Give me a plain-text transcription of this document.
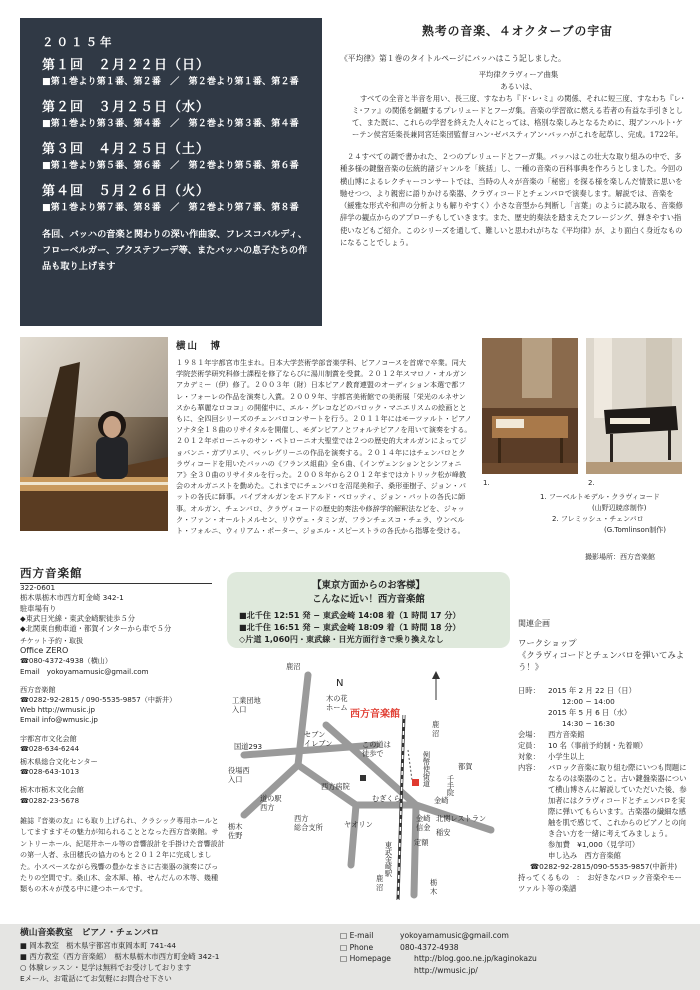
２０１５年
第１回　２月２２日（日）
■第１巻より第１番、第２番　／　第２巻より第１番、第２番
第２回　３月２５日（水）
■第１巻より第３番、第４番　／　第２巻より第３番、第４番
第３回　４月２５日（土）
■第１巻より第５番、第６番　／　第２巻より第５番、第６番
第４回　５月２６日（火）
■第１巻より第７番、第８番　／　第２巻より第７番、第８番
各回、バッハの音楽と関わりの深い作曲家、フレスコバルディ、フローベルガー、ブクステフーデ等、またバッハの息子たちの作品も取り上げます
熟考の音楽、４オクターブの宇宙
《平均律》第１巻のタイトルページにバッハはこう記しました。
平均律クラヴィーア曲集
あるいは、
すべての全音と半音を用い、長三度、すなわち『ド･レ･ミ』の関係、それに短三度、すなわち『レ･ミ･ファ』の関係を網羅するプレリュードとフーガ集。音楽の学習欲に燃える若者の有益な手引きとして、また既に、これらの学習を終えた人々にとっては、格別な楽しみとなるために、現アンハルト･ケーテン侯宮廷楽長兼同宮廷楽団監督ヨハン･ゼバスティアン･バッハがこれを起草し、完成。1722年。
２４すべての調で書かれた、２つのプレリュードとフーガ集。バッハはこの壮大な取り組みの中で、多種多様の鍵盤音楽の伝統的諸ジャンルを「統括」し、一種の音楽の百科事典を作ろうとしました。今回の横山博によるレクチャーコンサートでは、当時の人々が音楽の「秘密」を探る様を楽しんだ情景に思いを馳せつつ、より親密に語りかける楽器、クラヴィコードとチェンバロで演奏します。解説では、音楽を（緩雅な形式や和声の分析よりも解りやすく）小さな音型から判断し「言葉」のように読み取る、音楽修辞学の観点からのアプローチもしていきます。また、歴史的奏法を踏まえたフレージング、弾きやすい指使いなどもご紹介。このシリーズを通して、難しいと思われがちな《平均律》が、より面白く身近なものになることでしょう。
横山　博
１９８１年宇都宮市生まれ。日本大学芸術学部音楽学科、ピアノコースを首席で卒業。同大学院芸術学研究科修士課程を修了ならびに湯川制賞を受賞。２０１２年スマロノ・オルガンアカデミー（伊）修了。２００３年（財）日本ピアノ教育連盟のオーディション本選で都フレ・フォーレの作品を演奏し入賞。２００９年、宇都宮美術館での美術展「栄光のルネサンスから華麗なロココ」の開催中に、エル・グレコなどのバロック・マニエリスムの絵画とともに、全四回シリーズのチェンバロコンサートを行う。２０１１年にはモーツァルト・ピアノソナタ全１８曲のリサイタルを開催し、モダンピアノとフォルテピアノを用いて演奏をする。２０１２年ボローニャのサン・ペトローニオ大聖堂では２つの歴史的大オルガンによってジョバンニ・ガブリエリ、ベッレグリーニの作品を演奏する。２０１４年にはチェンバロとクラヴィコードを用いたバッハの《フランス組曲》全６曲、《インヴェンションとシンフォニア》全３０曲のリサイタルを行った。２００８年から２０１２年まではカトリック松が峰教会のオルガニストを勤めた。これまでにチェンバロを沼尾美和子、桑形亜樹子、ジョン・パットの各氏に師事。パイプオルガンをエドアルド・ベロッティ、ジョン・パットの各氏に師事。オルガン、チェンバロ、クラヴィコードの歴史的奏法や修辞学的解釈法などを、ジャック・ファン・オールトメルセン、リウヴェ・タミンガ、フランチェスコ・チェラ、ウンベルト・フォルニ、ウィリアム・ポーター、ジョエル・スピーストラの各氏から指導を受ける。
1.	2.
1. フーベルトモデル・クラヴィコード
(山野辺暁彦制作)
2. フレミッシュ・チェンバロ
(G.Tomlinson制作)
撮影場所：西方音楽館
西方音楽館
322-0601
栃木県栃木市西方町金崎 342-1
駐車場有り
◆東武日光線・東武金崎駅徒歩５分
◆北関東自動車道・都賀インターから車で５分
チケット予約・取扱
Office ZERO
☎080-4372-4938（横山）
Email　yokoyamamusic@gmail.com
西方音楽館
☎0282-92-2815 / 090-5535-9857（中新井）
Web http://wmusic.jp
Email info@wmusic.jp
宇都宮市文化会館
☎028-634-6244
栃木県総合文化センター
☎028-643-1013
栃木市栃木文化会館
☎0282-23-5678
雑誌『音楽の友』にも取り上げられ、クラシック専用ホールとしてますますその魅力が知られることとなった西方音楽館。サントリーホール、紀尾井ホール等の音響設計を手掛けた音響設計の第一人者、永田穂氏の協力のもと２０１２年に完成しました。小スペースながら残響の豊かなまさに古楽器の演奏にぴったりの空間です。桑山木、金木犀、椿、せんだんの木等、幾種類もの木々が茂る中に建つホールです。
【東京方面からのお客様】
こんなに近い！西方音楽館
■北千住 12:51 発 − 東武金崎 14:08 着（1 時間 17 分）
■北千住 16:51 発 − 東武金崎 18:09 着（1 時間 18 分）
◇片道 1,060円・東武線・日光方面行きで乗り換えなし
鹿沼
N
木の花
ホーム
工業団地
入口
セブン
イレブン
西方音楽館
鹿
沼
国道293	この道は
徒歩で	例幣使街道	都賀
西方病院
むぎくら
千手院
金崎
役場西
入口
道の駅
西方
西方
総合支所	ヤオリン
金崎
信金
北関レストラン
稲安
栃木
佐野
東武金崎駅
鹿
沼
定額
栃
木
関連企画
ワークショップ
《クラヴィコードとチェンバロを弾いてみよう！》
日時：	2015 年 2 月 22 日（日）
12:00 − 14:00
2015 年 5 月 6 日（水）
14:30 − 16:30
会場：	西方音楽館
定員：	10 名（事前予約制・先着順）
対象：	小学生以上
内容：	バロック音楽に取り組む際にいつも問題になるのは楽器のこと。古い鍵盤楽器について横山博さんに解説していただいた後、参加者にはクラヴィコードとチェンバロを実際に弾いてもらいます。古楽器の繊細な感触を肌で感じて、これからのピアノとの向き合い方を一緒に考えてみましょう。
参加費　¥1,000（見学可）
申し込み　西方音楽館
☎0282-92-2815/090-5535-9857(中新井)
持ってくるもの　：　お好きなバロック音楽やモーツァルト等の楽譜
横山音楽教室　ピアノ・チェンバロ
■ 岡本教室　栃木県宇都宮市東岡本町 741-44
■ 西方教室（西方音楽館）　栃木県栃木市西方町金崎 342-1
○ 体験レッスン・見学は無料でお受けしております
Eメール、お電話にてお気軽にお問合せ下さい
□ E-mail	yokoyamamusic@gmail.com
□ Phone	080-4372-4938
□ Homepage	http://blog.goo.ne.jp/kaginokazu
http://wmusic.jp/
